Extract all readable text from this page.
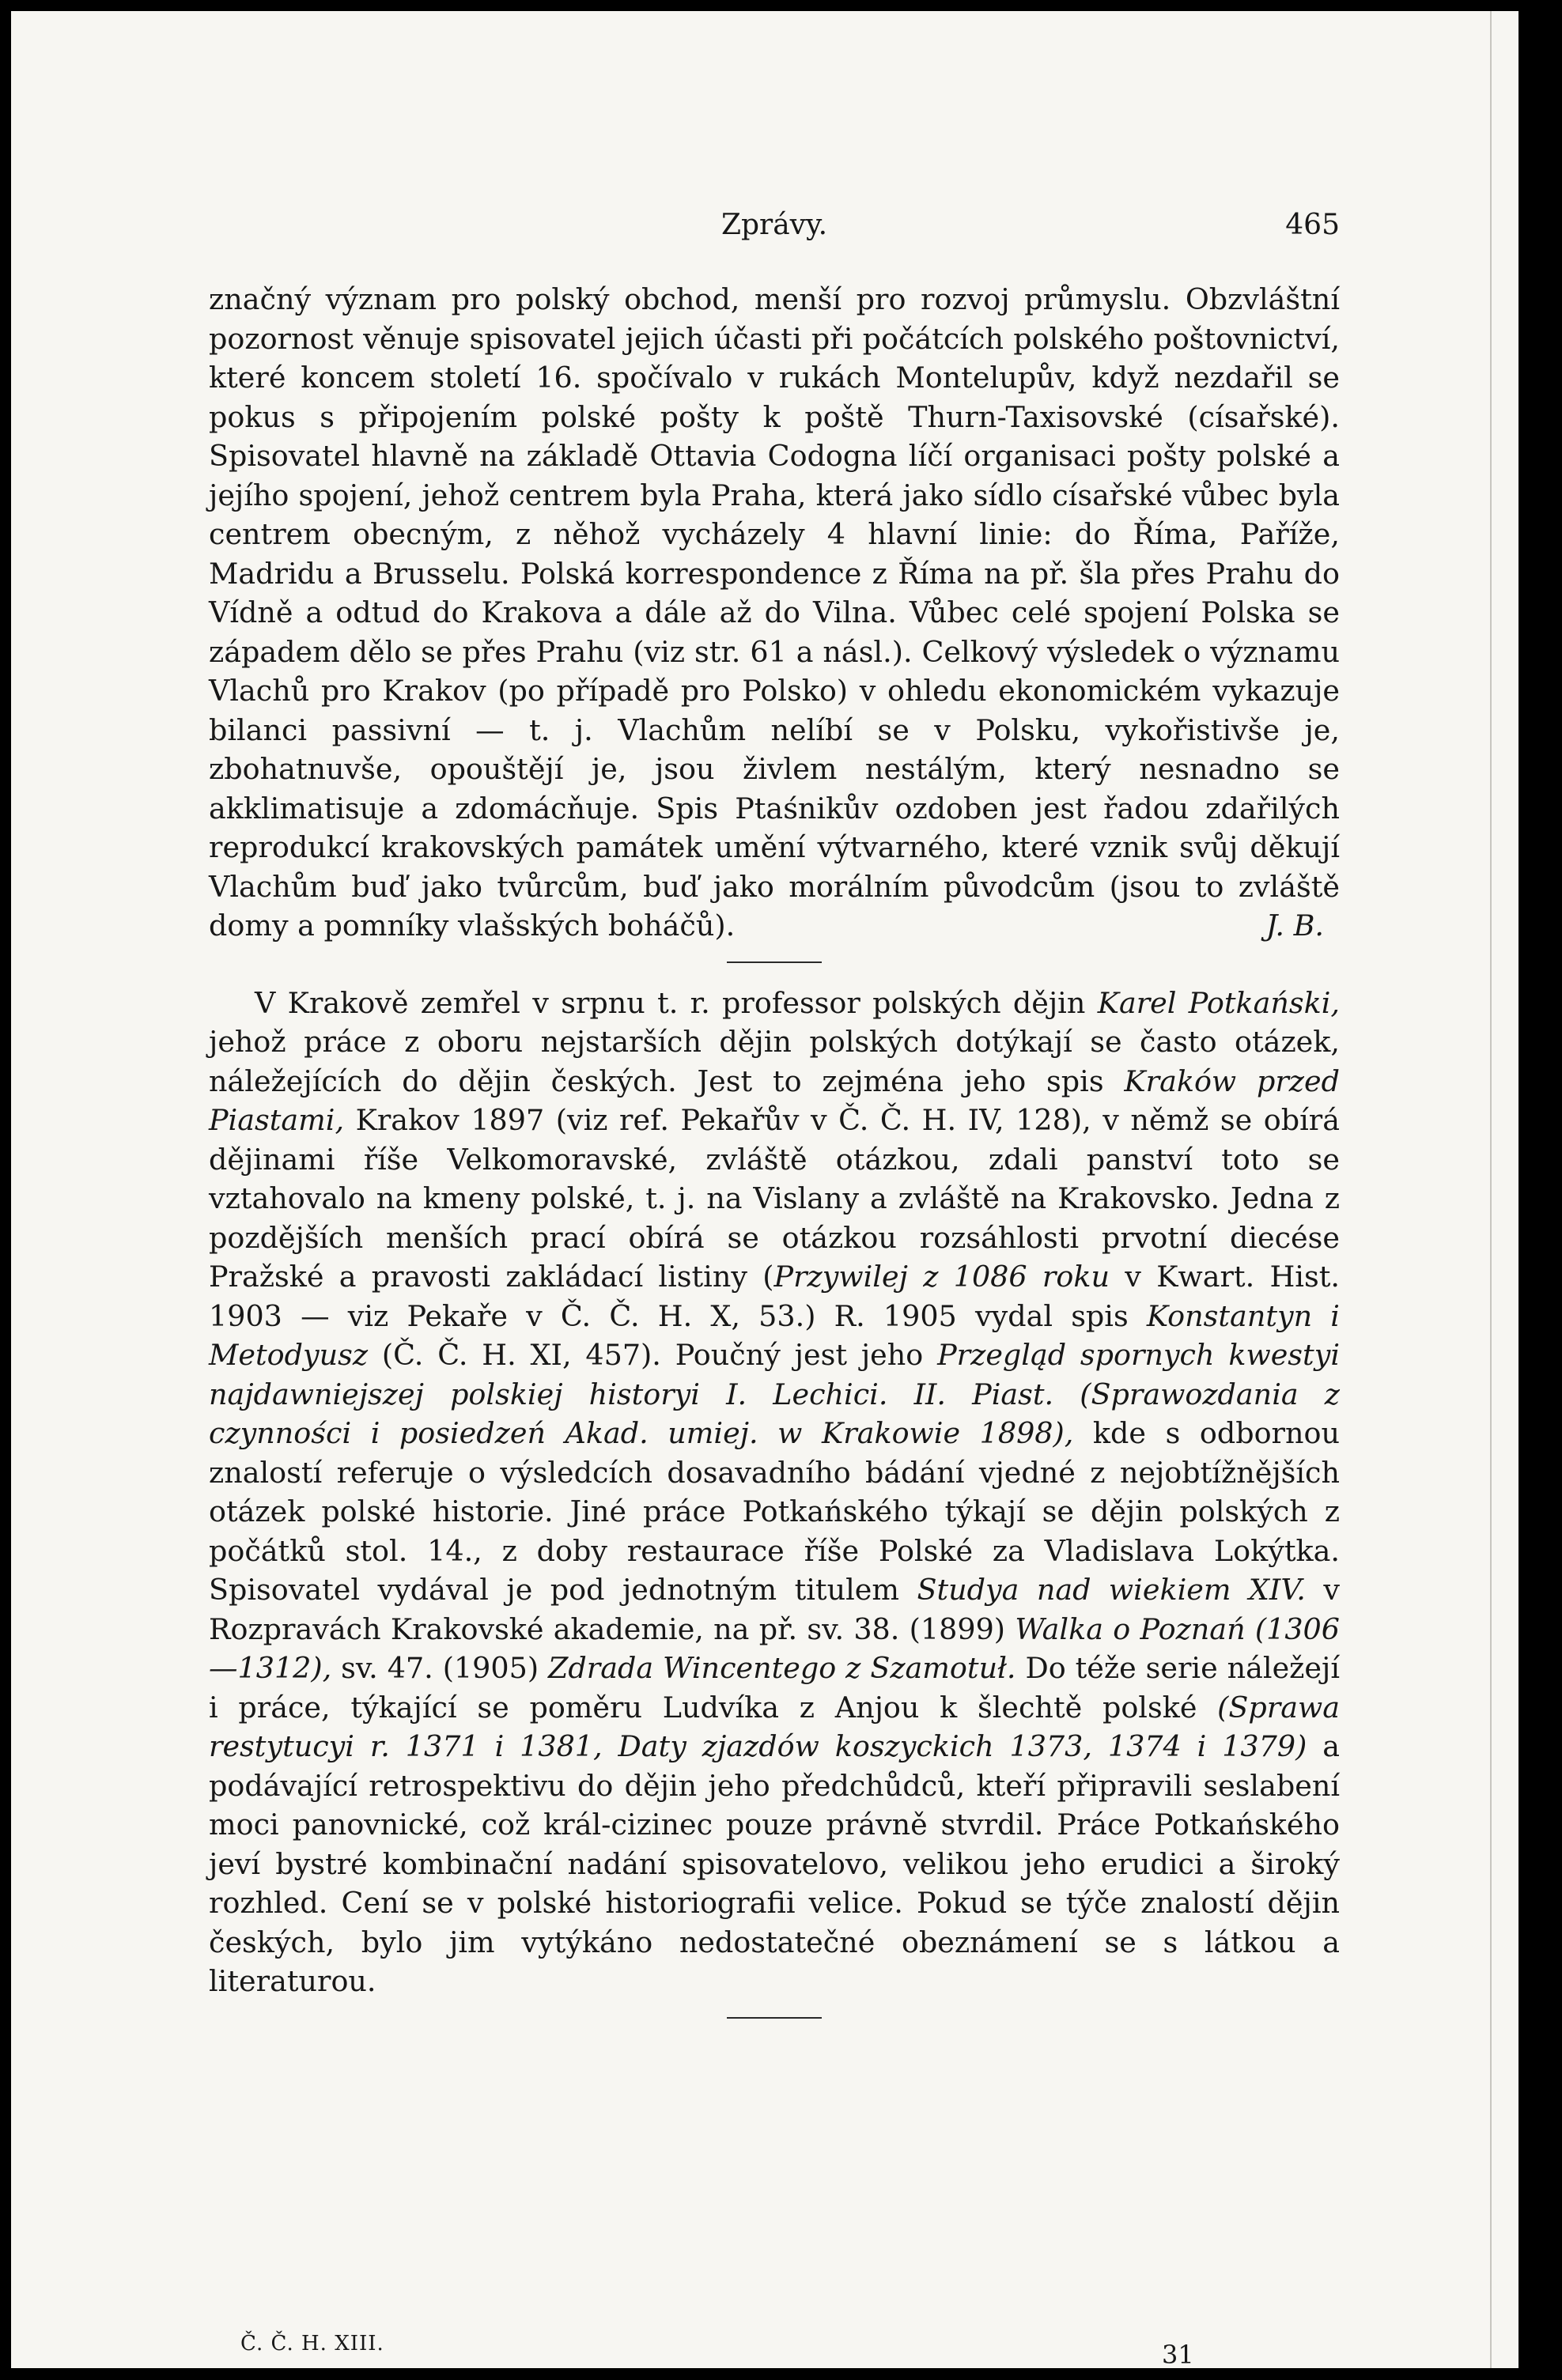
Zprávy.	465

značný význam pro polský obchod, menší pro rozvoj průmyslu. Obzvláštní pozornost věnuje spisovatel jejich účasti při počátcích polského poštovnictví, které koncem století 16. spočívalo v rukách Montelupův, když nezdařil se pokus s připojením polské pošty k poště Thurn-Taxisovské (císařské). Spisovatel hlavně na základě Ottavia Codogna líčí organisaci pošty polské a jejího spojení, jehož centrem byla Praha, která jako sídlo císařské vůbec byla centrem obecným, z něhož vycházely 4 hlavní linie: do Říma, Paříže, Madridu a Brusselu. Polská korrespondence z Říma na př. šla přes Prahu do Vídně a odtud do Krakova a dále až do Vilna. Vůbec celé spojení Polska se západem dělo se přes Prahu (viz str. 61 a násl.). Celkový výsledek o významu Vlachů pro Krakov (po případě pro Polsko) v ohledu ekonomickém vykazuje bilanci passivní — t. j. Vlachům nelíbí se v Polsku, vykořistivše je, zbohatnuvše, opouštějí je, jsou živlem nestálým, který nesnadno se akklimatisuje a zdomácňuje. Spis Ptaśnikův ozdoben jest řadou zdařilých reprodukcí krakovských památek umění výtvarného, které vznik svůj děkují Vlachům buď jako tvůrcům, buď jako morálním původcům (jsou to zvláště domy a pomníky vlašských boháčů).	J. B.

V Krakově zemřel v srpnu t. r. professor polských dějin Karel Potkański, jehož práce z oboru nejstarších dějin polských dotýkají se často otázek, náležejících do dějin českých. Jest to zejména jeho spis Kraków przed Piastami, Krakov 1897 (viz ref. Pekařův v Č. Č. H. IV, 128), v němž se obírá dějinami říše Velkomoravské, zvláště otázkou, zdali panství toto se vztahovalo na kmeny polské, t. j. na Vislany a zvláště na Krakovsko. Jedna z pozdějších menších prací obírá se otázkou rozsáhlosti prvotní diecése Pražské a pravosti zakládací listiny (Przywilej z 1086 roku v Kwart. Hist. 1903 — viz Pekaře v Č. Č. H. X, 53.) R. 1905 vydal spis Konstantyn i Metodyusz (Č. Č. H. XI, 457). Poučný jest jeho Przegląd spornych kwestyi najdawniejszej polskiej historyi I. Lechici. II. Piast. (Sprawozdania z czynności i posiedzeń Akad. umiej. w Krakowie 1898), kde s odbornou znalostí referuje o výsledcích dosavadního bádání vjedné z nejobtížnějších otázek polské historie. Jiné práce Potkańského týkají se dějin polských z počátků stol. 14., z doby restaurace říše Polské za Vladislava Lokýtka. Spisovatel vydával je pod jednotným titulem Studya nad wiekiem XIV. v Rozpravách Krakovské akademie, na př. sv. 38. (1899) Walka o Poznań (1306—1312), sv. 47. (1905) Zdrada Wincentego z Szamotuł. Do téže serie náležejí i práce, týkající se poměru Ludvíka z Anjou k šlechtě polské (Sprawa restytucyi r. 1371 i 1381, Daty zjazdów koszyckich 1373, 1374 i 1379) a podávající retrospektivu do dějin jeho předchůdců, kteří připravili seslabení moci panovnické, což král-cizinec pouze právně stvrdil. Práce Potkańského jeví bystré kombinační nadání spisovatelovo, velikou jeho erudici a široký rozhled. Cení se v polské historiografii velice. Pokud se týče znalostí dějin českých, bylo jim vytýkáno nedostatečné obeznámení se s látkou a literaturou.

Č. Č. H. XIII.	31
